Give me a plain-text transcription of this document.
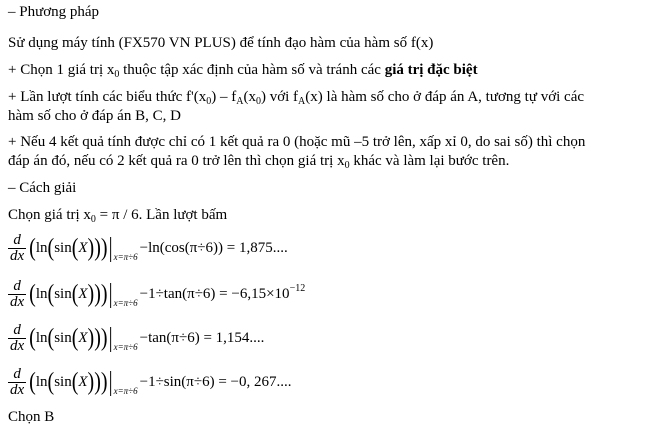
– Phương pháp
Sử dụng máy tính (FX570 VN PLUS) để tính đạo hàm của hàm số f(x)
+ Chọn 1 giá trị $x_0$ thuộc tập xác định của hàm số và tránh các giá trị đặc biệt
+ Lần lượt tính các biểu thức $f'(x_0) - f_A(x_0)$ với $f_A(x)$ là hàm số cho ở đáp án A, tương tự với các
hàm số cho ở đáp án B, C, D
+ Nếu 4 kết quả tính được chỉ có 1 kết quả ra 0 (hoặc mũ –5 trở lên, xấp xỉ 0, do sai số) thì chọn
đáp án đó, nếu có 2 kết quả ra 0 trở lên thì chọn giá trị $x_0$ khác và làm lại bước trên.
– Cách giải
Chọn giá trị $x_0 = \pi / 6$. Lần lượt bấm
$\frac{d}{dx}$ ( ln ( sin ( X ) ) ) | x=π÷6
−ln(cos(π÷6)) = 1,875....
$\frac{d}{dx}$ ( ln ( sin ( X ) ) ) | x=π÷6
$-1\div\tan(\pi\div 6) = -6,15\times 10^{-12}$
$\frac{d}{dx}$ ( ln ( sin ( X ) ) ) | x=π÷6
−tan(π÷6) = 1,154....
$\frac{d}{dx}$ ( ln ( sin ( X ) ) ) | x=π÷6
−1÷sin(π÷6) = −0, 267....
Chọn B
